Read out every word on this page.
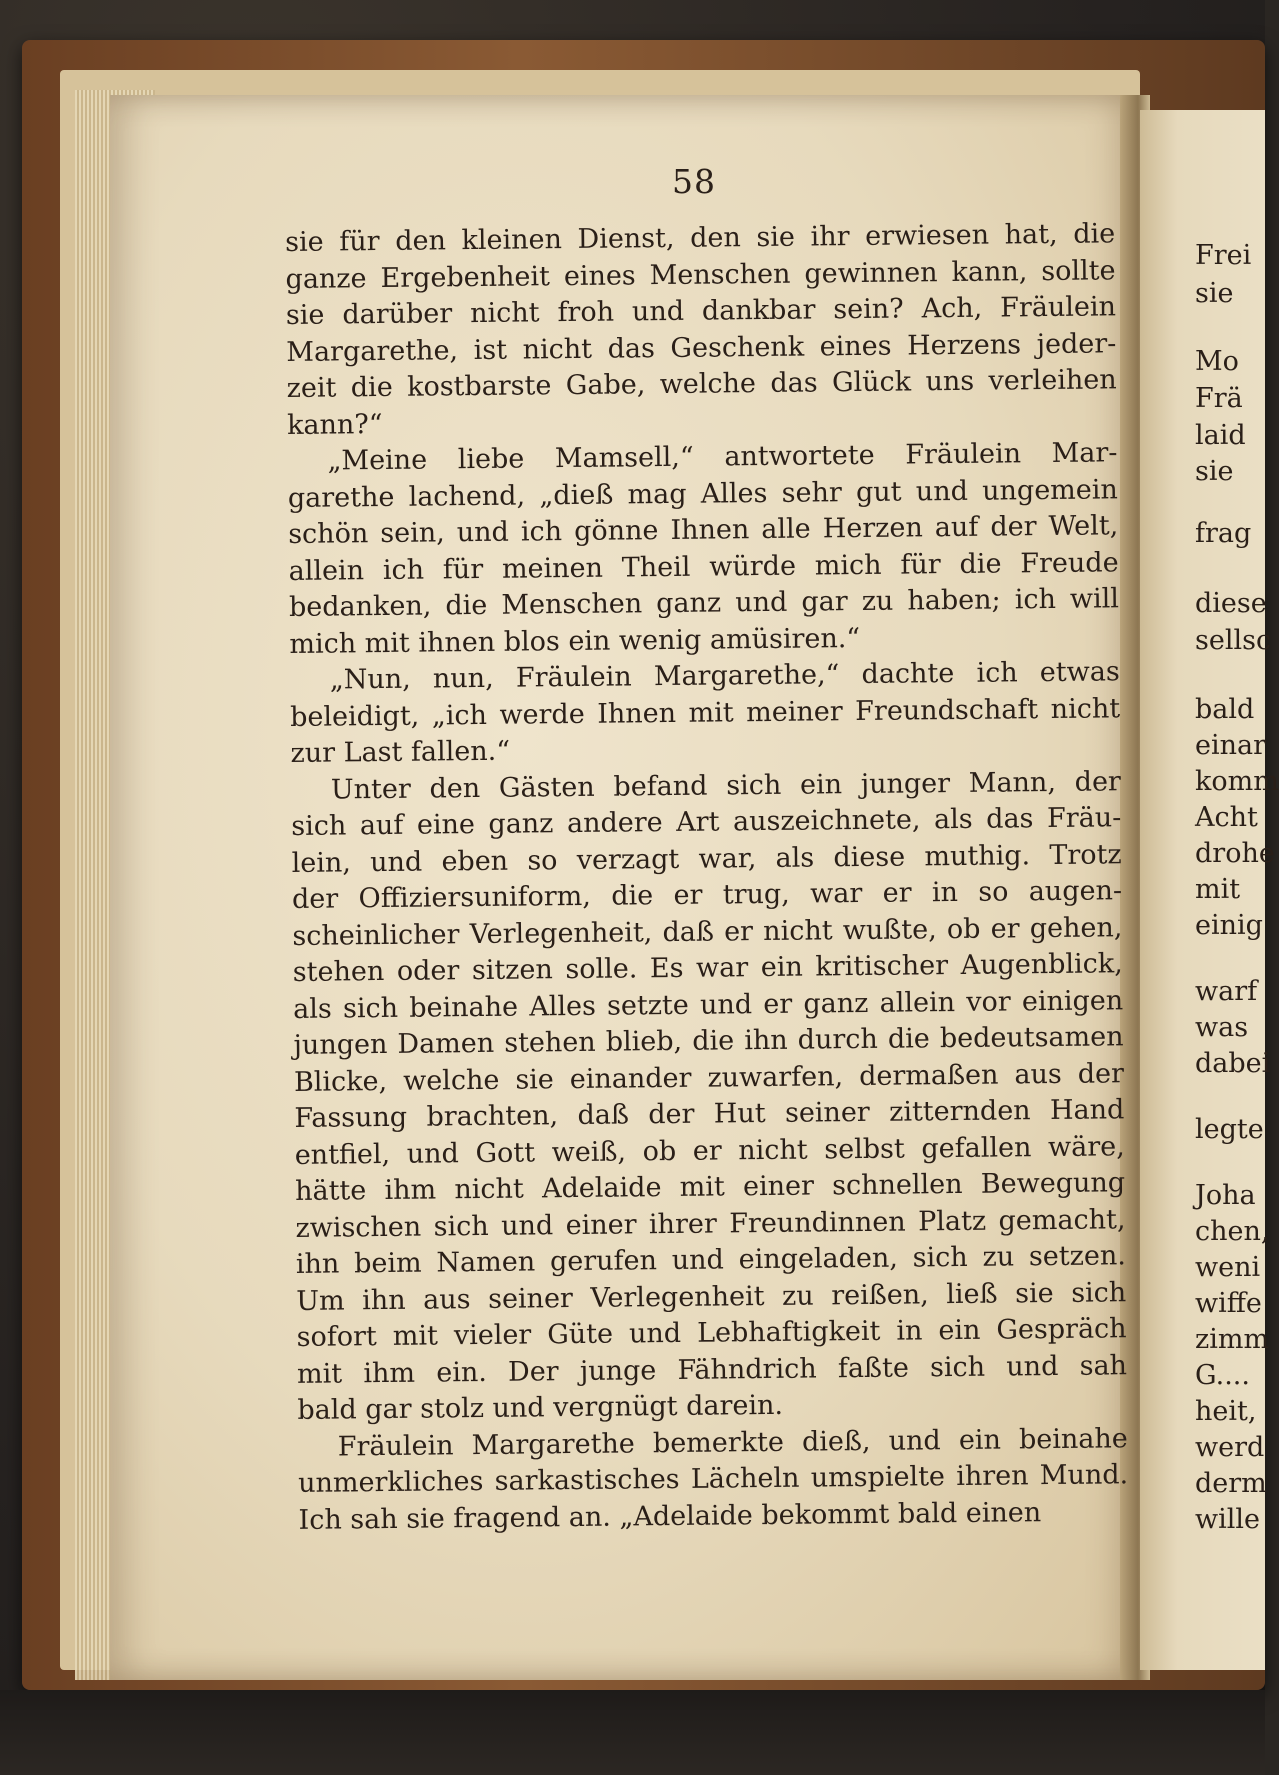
58
sie für den kleinen Dienst, den sie ihr erwiesen hat, die
ganze Ergebenheit eines Menschen gewinnen kann, sollte
sie darüber nicht froh und dankbar sein? Ach, Fräulein
Margarethe, ist nicht das Geschenk eines Herzens jeder-
zeit die kostbarste Gabe, welche das Glück uns verleihen
kann?“
„Meine liebe Mamsell,“ antwortete Fräulein Mar-
garethe lachend, „dieß mag Alles sehr gut und ungemein
schön sein, und ich gönne Ihnen alle Herzen auf der Welt,
allein ich für meinen Theil würde mich für die Freude
bedanken, die Menschen ganz und gar zu haben; ich will
mich mit ihnen blos ein wenig amüsiren.“
„Nun, nun, Fräulein Margarethe,“ dachte ich etwas
beleidigt, „ich werde Ihnen mit meiner Freundschaft nicht
zur Last fallen.“
Unter den Gästen befand sich ein junger Mann, der
sich auf eine ganz andere Art auszeichnete, als das Fräu-
lein, und eben so verzagt war, als diese muthig. Trotz
der Offiziersuniform, die er trug, war er in so augen-
scheinlicher Verlegenheit, daß er nicht wußte, ob er gehen,
stehen oder sitzen solle. Es war ein kritischer Augenblick,
als sich beinahe Alles setzte und er ganz allein vor einigen
jungen Damen stehen blieb, die ihn durch die bedeutsamen
Blicke, welche sie einander zuwarfen, dermaßen aus der
Fassung brachten, daß der Hut seiner zitternden Hand
entfiel, und Gott weiß, ob er nicht selbst gefallen wäre,
hätte ihm nicht Adelaide mit einer schnellen Bewegung
zwischen sich und einer ihrer Freundinnen Platz gemacht,
ihn beim Namen gerufen und eingeladen, sich zu setzen.
Um ihn aus seiner Verlegenheit zu reißen, ließ sie sich
sofort mit vieler Güte und Lebhaftigkeit in ein Gespräch
mit ihm ein. Der junge Fähndrich faßte sich und sah
bald gar stolz und vergnügt darein.
Fräulein Margarethe bemerkte dieß, und ein beinahe
unmerkliches sarkastisches Lächeln umspielte ihren Mund.
Ich sah sie fragend an. „Adelaide bekommt bald einen
Frei
sie
Mo
Frä
laid
sie
frag
diese
sellsc
bald
einar
komm
Acht
drohe
mit
einig
warf
was
dabei
legte
Joha
chen,
weni
wiffe
zimm
G....
heit,
werd
derm
wille
